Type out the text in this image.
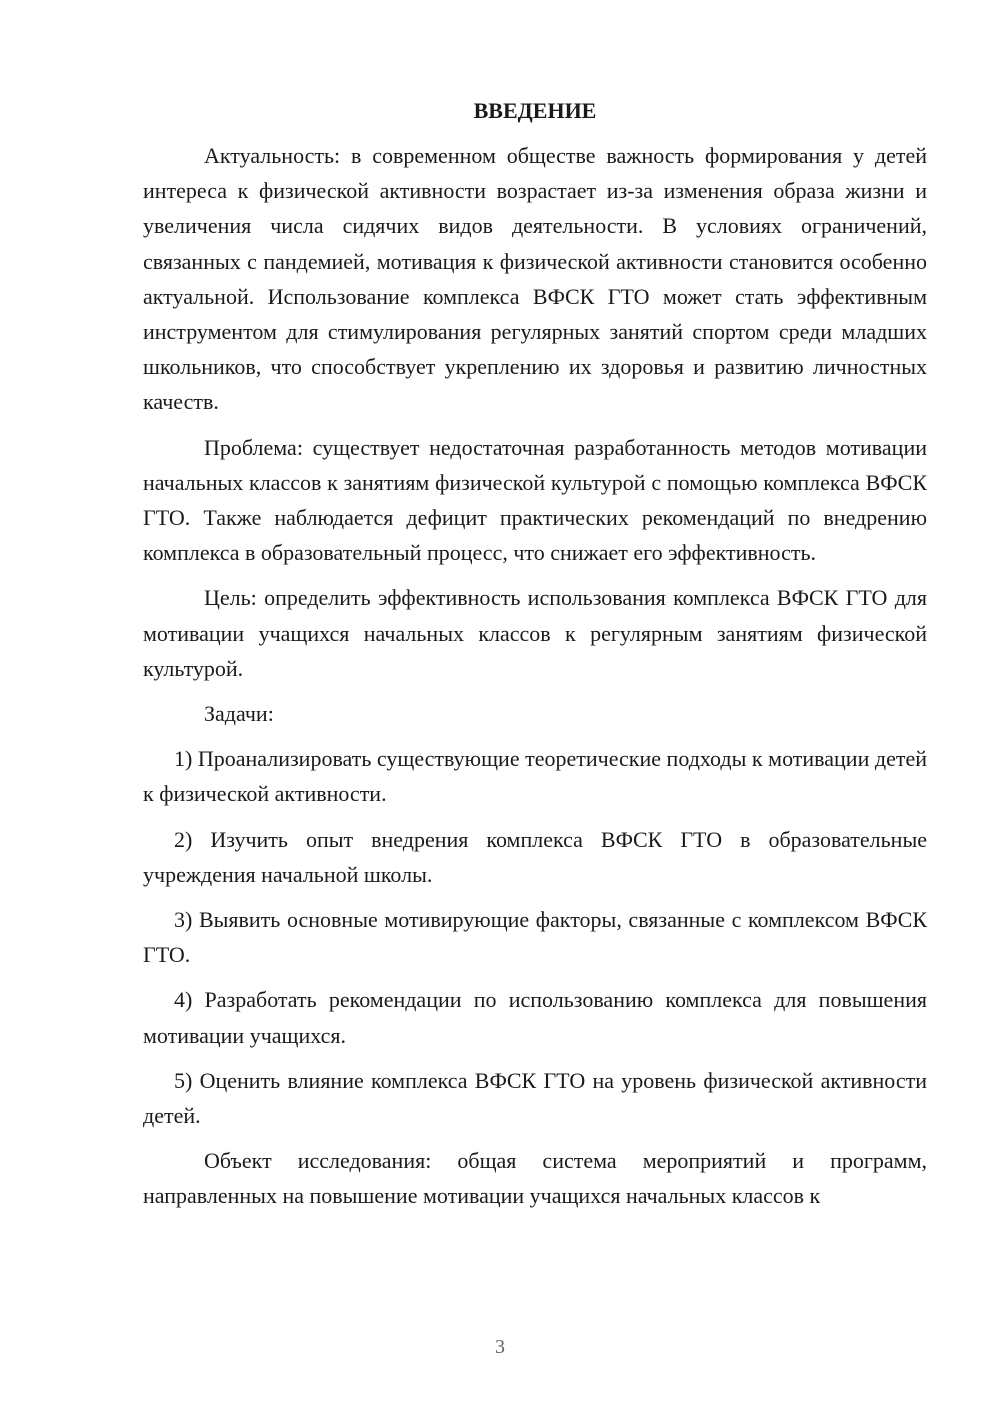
ВВЕДЕНИЕ

Актуальность: в современном обществе важность формирования у детей интереса к физической активности возрастает из-за изменения образа жизни и увеличения числа сидячих видов деятельности. В условиях ограничений, связанных с пандемией, мотивация к физической активности становится особенно актуальной. Использование комплекса ВФСК ГТО может стать эффективным инструментом для стимулирования регулярных занятий спортом среди младших школьников, что способствует укреплению их здоровья и развитию личностных качеств.

Проблема: существует недостаточная разработанность методов мотивации начальных классов к занятиям физической культурой с помощью комплекса ВФСК ГТО. Также наблюдается дефицит практических рекомендаций по внедрению комплекса в образовательный процесс, что снижает его эффективность.

Цель: определить эффективность использования комплекса ВФСК ГТО для мотивации учащихся начальных классов к регулярным занятиям физической культурой.

Задачи:

1) Проанализировать существующие теоретические подходы к мотивации детей к физической активности.

2) Изучить опыт внедрения комплекса ВФСК ГТО в образовательные учреждения начальной школы.

3) Выявить основные мотивирующие факторы, связанные с комплексом ВФСК ГТО.

4) Разработать рекомендации по использованию комплекса для повышения мотивации учащихся.

5) Оценить влияние комплекса ВФСК ГТО на уровень физической активности детей.

Объект исследования: общая система мероприятий и программ, направленных на повышение мотивации учащихся начальных классов к

3
